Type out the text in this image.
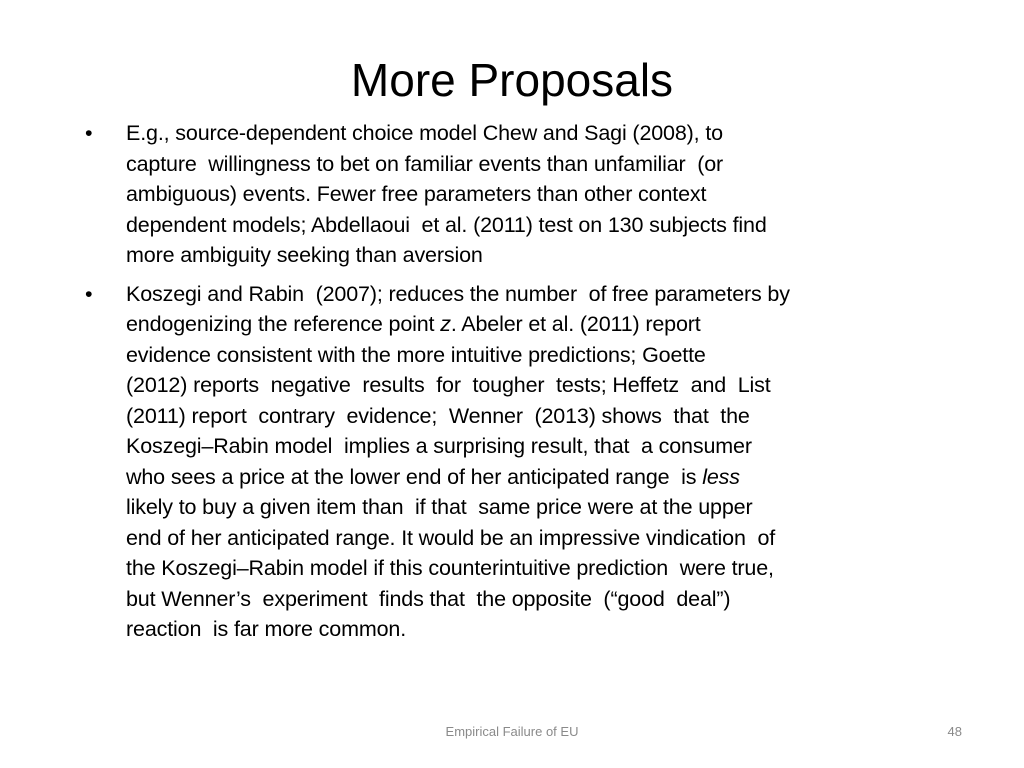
More Proposals
•	E.g., source-dependent choice model Chew and Sagi (2008), to
capture  willingness to bet on familiar events than unfamiliar  (or
ambiguous) events. Fewer free parameters than other context
dependent models; Abdellaoui  et al. (2011) test on 130 subjects find
more ambiguity seeking than aversion
•	Koszegi and Rabin  (2007); reduces the number  of free parameters by
endogenizing the reference point z. Abeler et al. (2011) report
evidence consistent with the more intuitive predictions; Goette
(2012) reports  negative  results  for  tougher  tests; Heffetz  and  List
(2011) report  contrary  evidence;  Wenner  (2013) shows  that  the
Koszegi–Rabin model  implies a surprising result, that  a consumer
who sees a price at the lower end of her anticipated range  is less
likely to buy a given item than  if that  same price were at the upper
end of her anticipated range. It would be an impressive vindication  of
the Koszegi–Rabin model if this counterintuitive prediction  were true,
but Wenner’s  experiment  finds that  the opposite  (“good  deal”)
reaction  is far more common.
Empirical Failure of EU	48
